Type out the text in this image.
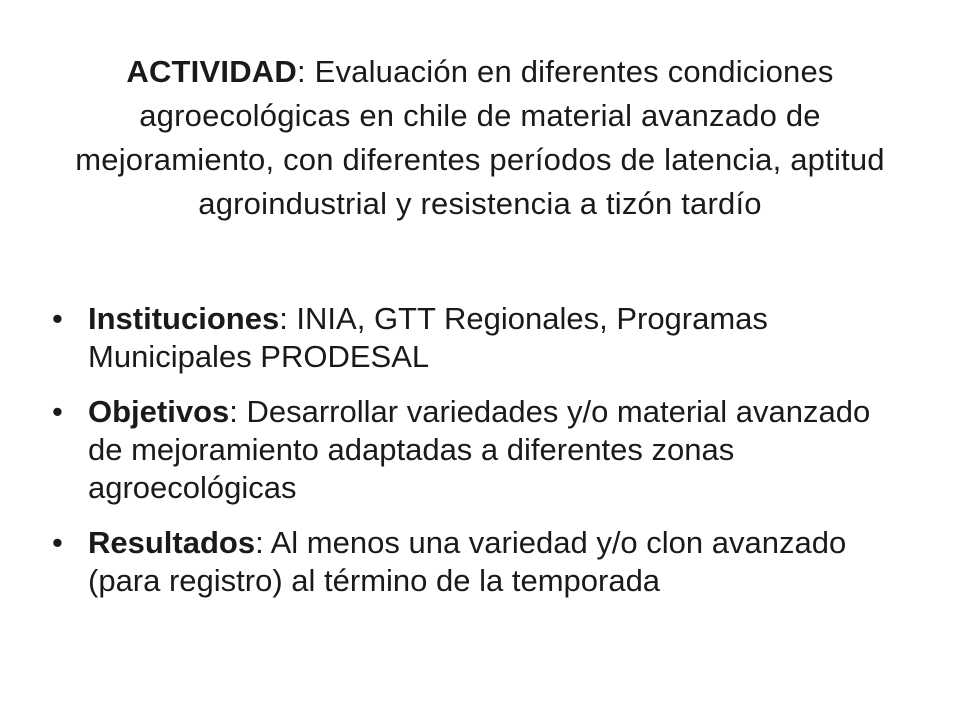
ACTIVIDAD: Evaluación en diferentes condiciones agroecológicas en chile de material avanzado de mejoramiento, con diferentes períodos de latencia, aptitud agroindustrial y resistencia a tizón tardío
• Instituciones: INIA, GTT Regionales, Programas Municipales PRODESAL
• Objetivos: Desarrollar variedades y/o material avanzado de mejoramiento adaptadas a diferentes zonas agroecológicas
• Resultados: Al menos una variedad y/o clon avanzado (para registro) al término de la temporada
